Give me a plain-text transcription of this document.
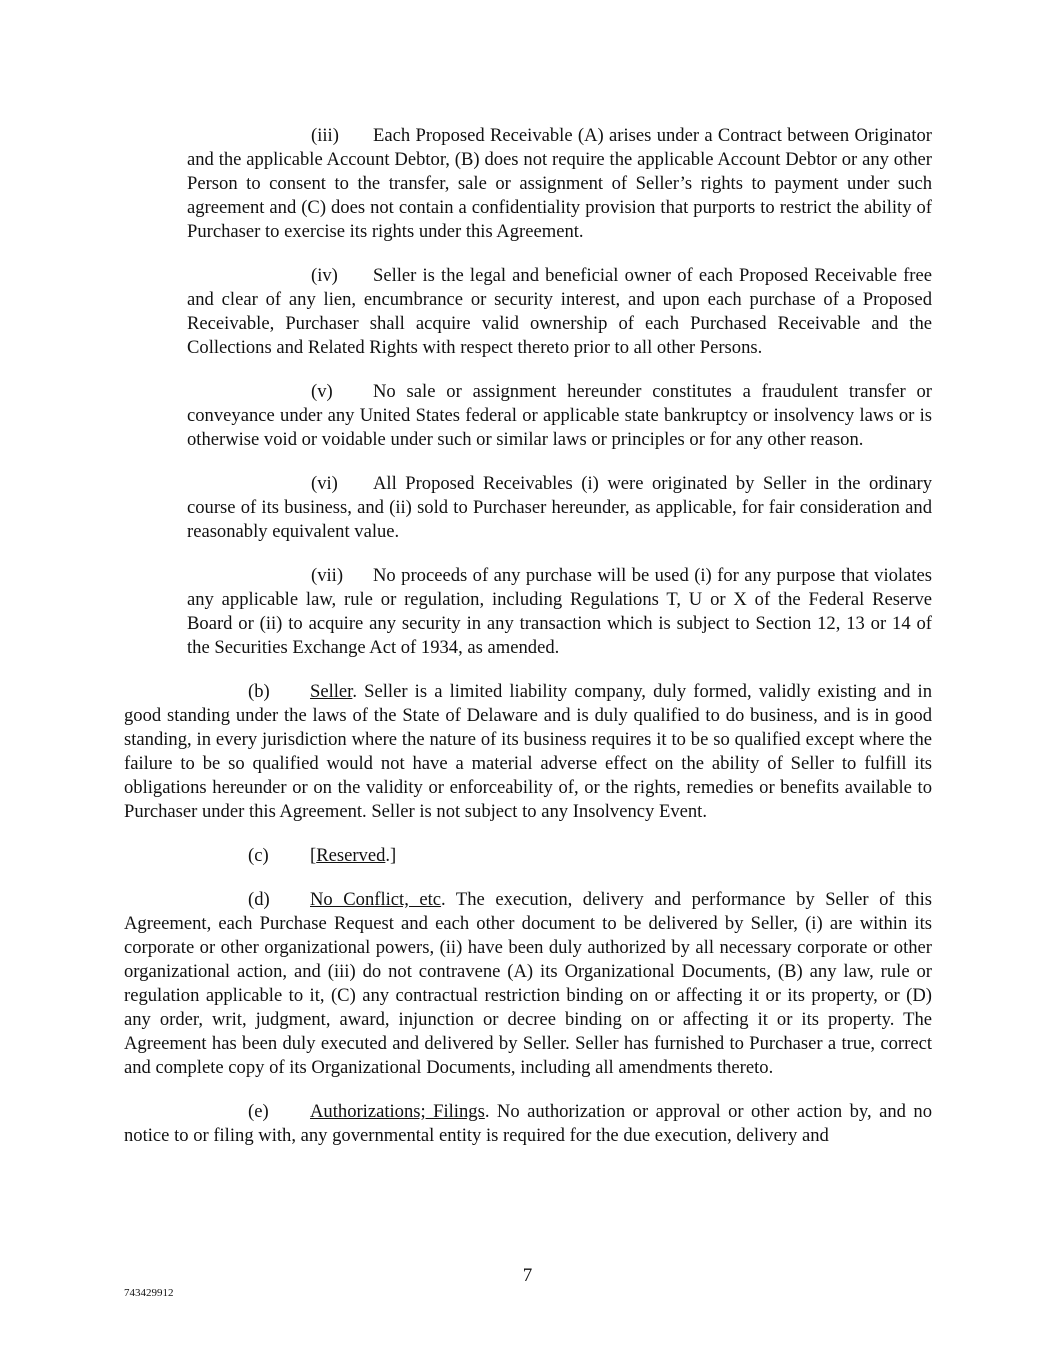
(iii) Each Proposed Receivable (A) arises under a Contract between Originator and the applicable Account Debtor, (B) does not require the applicable Account Debtor or any other Person to consent to the transfer, sale or assignment of Seller’s rights to payment under such agreement and (C) does not contain a confidentiality provision that purports to restrict the ability of Purchaser to exercise its rights under this Agreement.

(iv) Seller is the legal and beneficial owner of each Proposed Receivable free and clear of any lien, encumbrance or security interest, and upon each purchase of a Proposed Receivable, Purchaser shall acquire valid ownership of each Purchased Receivable and the Collections and Related Rights with respect thereto prior to all other Persons.

(v) No sale or assignment hereunder constitutes a fraudulent transfer or conveyance under any United States federal or applicable state bankruptcy or insolvency laws or is otherwise void or voidable under such or similar laws or principles or for any other reason.

(vi) All Proposed Receivables (i) were originated by Seller in the ordinary course of its business, and (ii) sold to Purchaser hereunder, as applicable, for fair consideration and reasonably equivalent value.

(vii) No proceeds of any purchase will be used (i) for any purpose that violates any applicable law, rule or regulation, including Regulations T, U or X of the Federal Reserve Board or (ii) to acquire any security in any transaction which is subject to Section 12, 13 or 14 of the Securities Exchange Act of 1934, as amended.

(b) Seller. Seller is a limited liability company, duly formed, validly existing and in good standing under the laws of the State of Delaware and is duly qualified to do business, and is in good standing, in every jurisdiction where the nature of its business requires it to be so qualified except where the failure to be so qualified would not have a material adverse effect on the ability of Seller to fulfill its obligations hereunder or on the validity or enforceability of, or the rights, remedies or benefits available to Purchaser under this Agreement. Seller is not subject to any Insolvency Event.

(c) [Reserved.]

(d) No Conflict, etc. The execution, delivery and performance by Seller of this Agreement, each Purchase Request and each other document to be delivered by Seller, (i) are within its corporate or other organizational powers, (ii) have been duly authorized by all necessary corporate or other organizational action, and (iii) do not contravene (A) its Organizational Documents, (B) any law, rule or regulation applicable to it, (C) any contractual restriction binding on or affecting it or its property, or (D) any order, writ, judgment, award, injunction or decree binding on or affecting it or its property. The Agreement has been duly executed and delivered by Seller. Seller has furnished to Purchaser a true, correct and complete copy of its Organizational Documents, including all amendments thereto.

(e) Authorizations; Filings. No authorization or approval or other action by, and no notice to or filing with, any governmental entity is required for the due execution, delivery and

7
743429912
